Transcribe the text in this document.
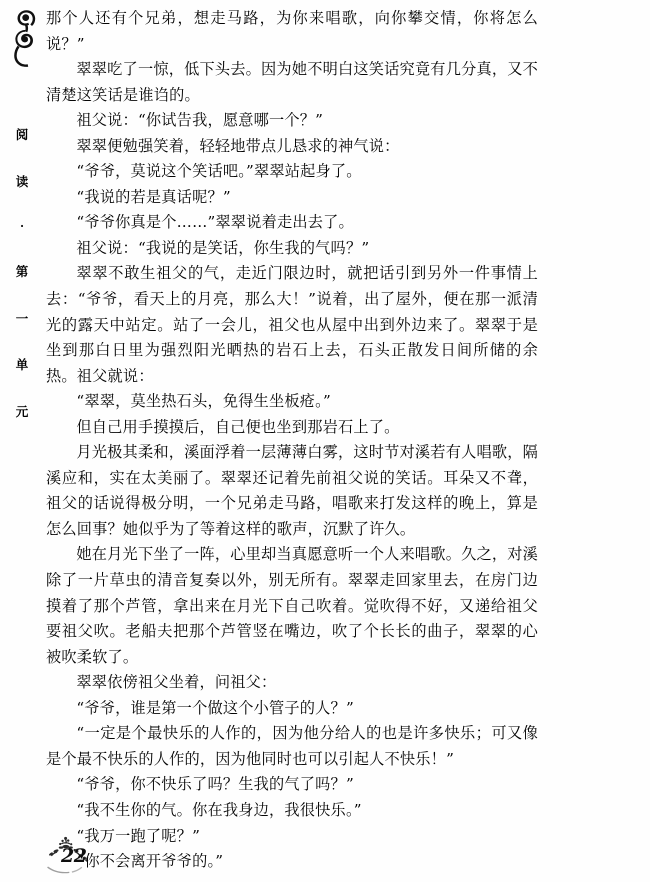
阅

读

·

第

一

单

元

22

那个人还有个兄弟，想走马路，为你来唱歌，向你攀交情，你将怎么说？”

翠翠吃了一惊，低下头去。因为她不明白这笑话究竟有几分真，又不清楚这笑话是谁诌的。

祖父说：“你试告我，愿意哪一个？”

翠翠便勉强笑着，轻轻地带点儿恳求的神气说：

“爷爷，莫说这个笑话吧。”翠翠站起身了。

“我说的若是真话呢？”

“爷爷你真是个……”翠翠说着走出去了。

祖父说：“我说的是笑话，你生我的气吗？”

翠翠不敢生祖父的气，走近门限边时，就把话引到另外一件事情上去：“爷爷，看天上的月亮，那么大！”说着，出了屋外，便在那一派清光的露天中站定。站了一会儿，祖父也从屋中出到外边来了。翠翠于是坐到那白日里为强烈阳光晒热的岩石上去，石头正散发日间所储的余热。祖父就说：

“翠翠，莫坐热石头，免得生坐板疮。”

但自己用手摸摸后，自己便也坐到那岩石上了。

月光极其柔和，溪面浮着一层薄薄白雾，这时节对溪若有人唱歌，隔溪应和，实在太美丽了。翠翠还记着先前祖父说的笑话。耳朵又不聋，祖父的话说得极分明，一个兄弟走马路，唱歌来打发这样的晚上，算是怎么回事？她似乎为了等着这样的歌声，沉默了许久。

她在月光下坐了一阵，心里却当真愿意听一个人来唱歌。久之，对溪除了一片草虫的清音复奏以外，别无所有。翠翠走回家里去，在房门边摸着了那个芦管，拿出来在月光下自己吹着。觉吹得不好，又递给祖父要祖父吹。老船夫把那个芦管竖在嘴边，吹了个长长的曲子，翠翠的心被吹柔软了。

翠翠依傍祖父坐着，问祖父：

“爷爷，谁是第一个做这个小管子的人？”

“一定是个最快乐的人作的，因为他分给人的也是许多快乐；可又像是个最不快乐的人作的，因为他同时也可以引起人不快乐！”

“爷爷，你不快乐了吗？生我的气了吗？”

“我不生你的气。你在我身边，我很快乐。”

“我万一跑了呢？”

“你不会离开爷爷的。”
